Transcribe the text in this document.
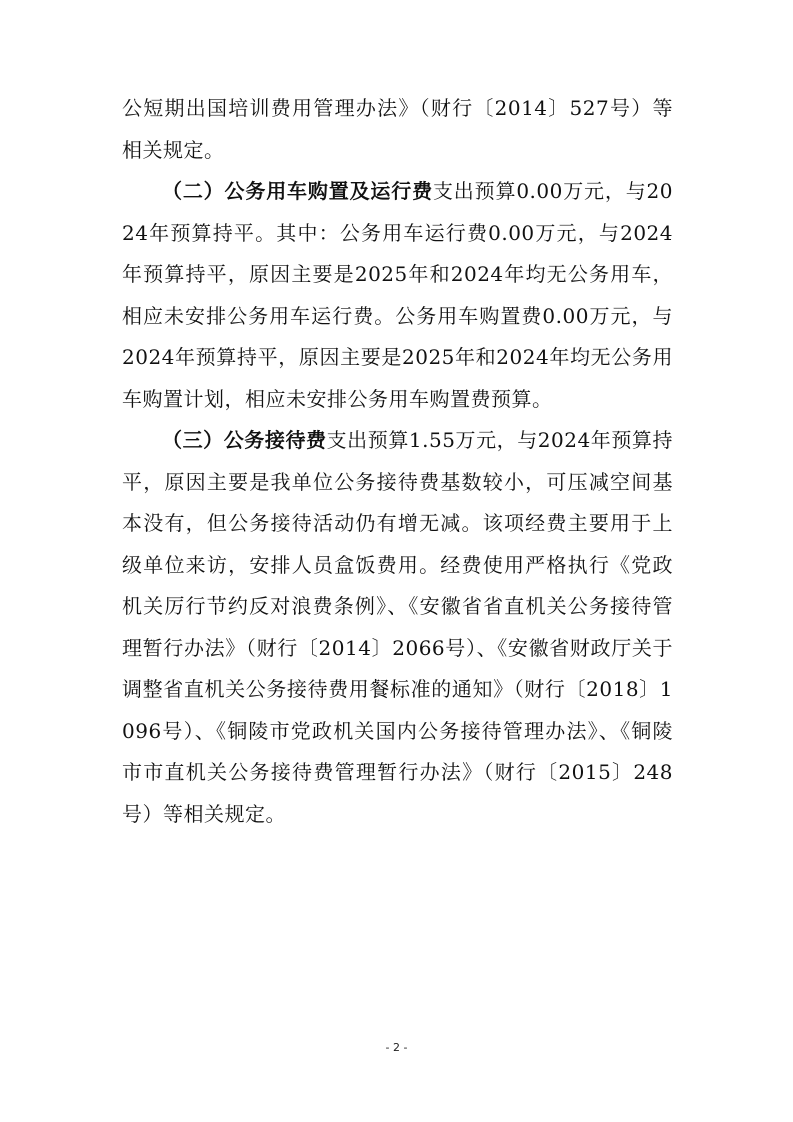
公短期出国培训费用管理办法》（财行〔2014〕527号）等相关规定。

（二）公务用车购置及运行费支出预算0.00万元，与2024年预算持平。其中：公务用车运行费0.00万元，与2024年预算持平，原因主要是2025年和2024年均无公务用车，相应未安排公务用车运行费。公务用车购置费0.00万元，与2024年预算持平，原因主要是2025年和2024年均无公务用车购置计划，相应未安排公务用车购置费预算。

（三）公务接待费支出预算1.55万元，与2024年预算持平，原因主要是我单位公务接待费基数较小，可压减空间基本没有，但公务接待活动仍有增无减。该项经费主要用于上级单位来访，安排人员盒饭费用。经费使用严格执行《党政机关厉行节约反对浪费条例》、《安徽省省直机关公务接待管理暂行办法》（财行〔2014〕2066号）、《安徽省财政厅关于调整省直机关公务接待费用餐标准的通知》（财行〔2018〕1096号）、《铜陵市党政机关国内公务接待管理办法》、《铜陵市市直机关公务接待费管理暂行办法》（财行〔2015〕248号）等相关规定。

- 2 -
